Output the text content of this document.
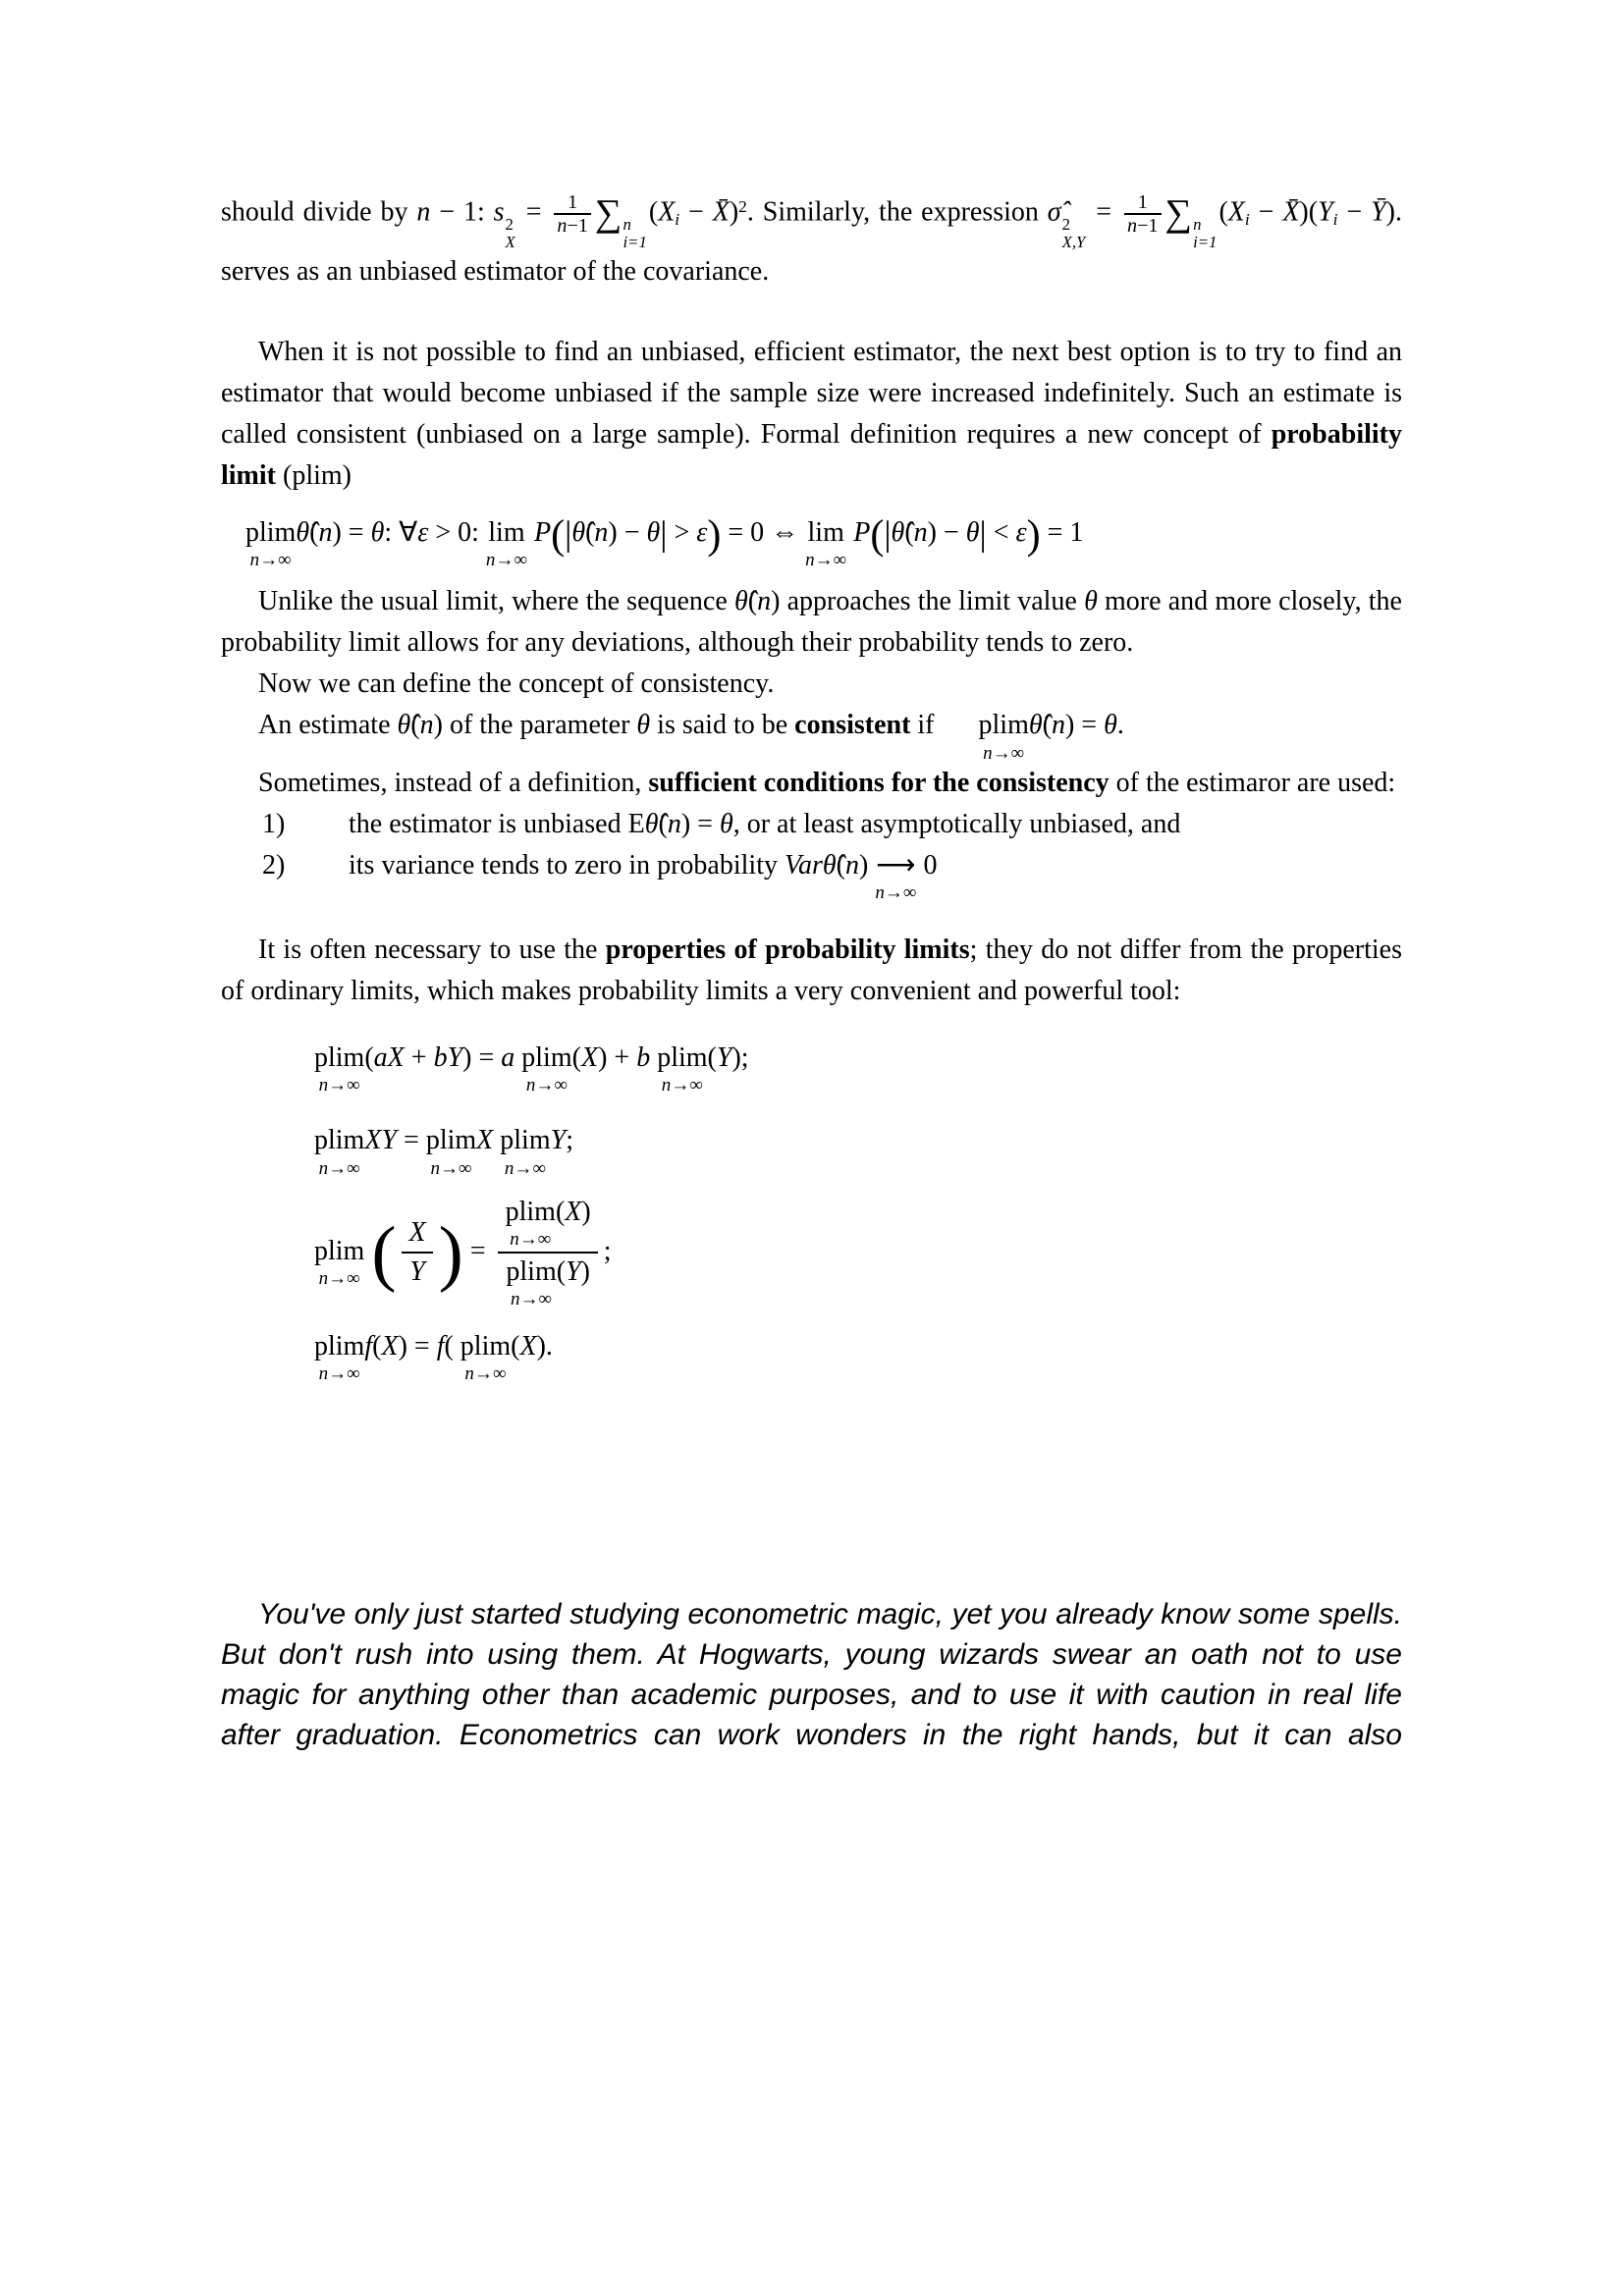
should divide by n − 1: s 2
X
= $\frac{1}{n-1}$ ∑ n
i=1
(Xi − X̄)$^2$. Similarly, the expression σ̂ 2
X,Y
= $\frac{1}{n-1}$ ∑ n
i=1
(Xi − X̄)(Yi − Ȳ). serves as an unbiased estimator of the covariance.
When it is not possible to find an unbiased, efficient estimator, the next best option is to try to find an estimator that would become unbiased if the sample size were increased indefinitely. Such an estimate is called consistent (unbiased on a large sample). Formal definition requires a new concept of probability limit (plim)
plim
n→∞
θ̂(n) = θ: ∀ε > 0: lim
n→∞
P(|θ̂(n) − θ| > ε) = 0 ⇔ lim
n→∞
P(|θ̂(n) − θ| < ε) = 1
Unlike the usual limit, where the sequence θ̂(n) approaches the limit value θ more and more closely, the probability limit allows for any deviations, although their probability tends to zero.
Now we can define the concept of consistency.
An estimate θ̂(n) of the parameter θ is said to be consistent if	plim
n→∞
θ̂(n) = θ.
Sometimes, instead of a definition, sufficient conditions for the consistency of the estimaror are used:
1)	the estimator is unbiased Eθ̂(n) = θ, or at least asymptotically unbiased, and
2)	its variance tends to zero in probability Varθ̂(n) ⟶
n→∞
0
It is often necessary to use the properties of probability limits; they do not differ from the properties of ordinary limits, which makes probability limits a very convenient and powerful tool:
plim
n→∞
(aX + bY) = a plim
n→∞
(X) + b plim
n→∞
(Y);
plim
n→∞
XY = plim
n→∞
X plim
n→∞
Y;
plim
n→∞ ( $\frac{X}{Y}$ ) = plim
n→∞
(X)
plim
n→∞
(Y) ;
plim
n→∞
f(X) = f( plim
n→∞
(X).
You've only just started studying econometric magic, yet you already know some spells. But don't rush into using them. At Hogwarts, young wizards swear an oath not to use magic for anything other than academic purposes, and to use it with caution in real life after graduation. Econometrics can work wonders in the right hands, but it can also
